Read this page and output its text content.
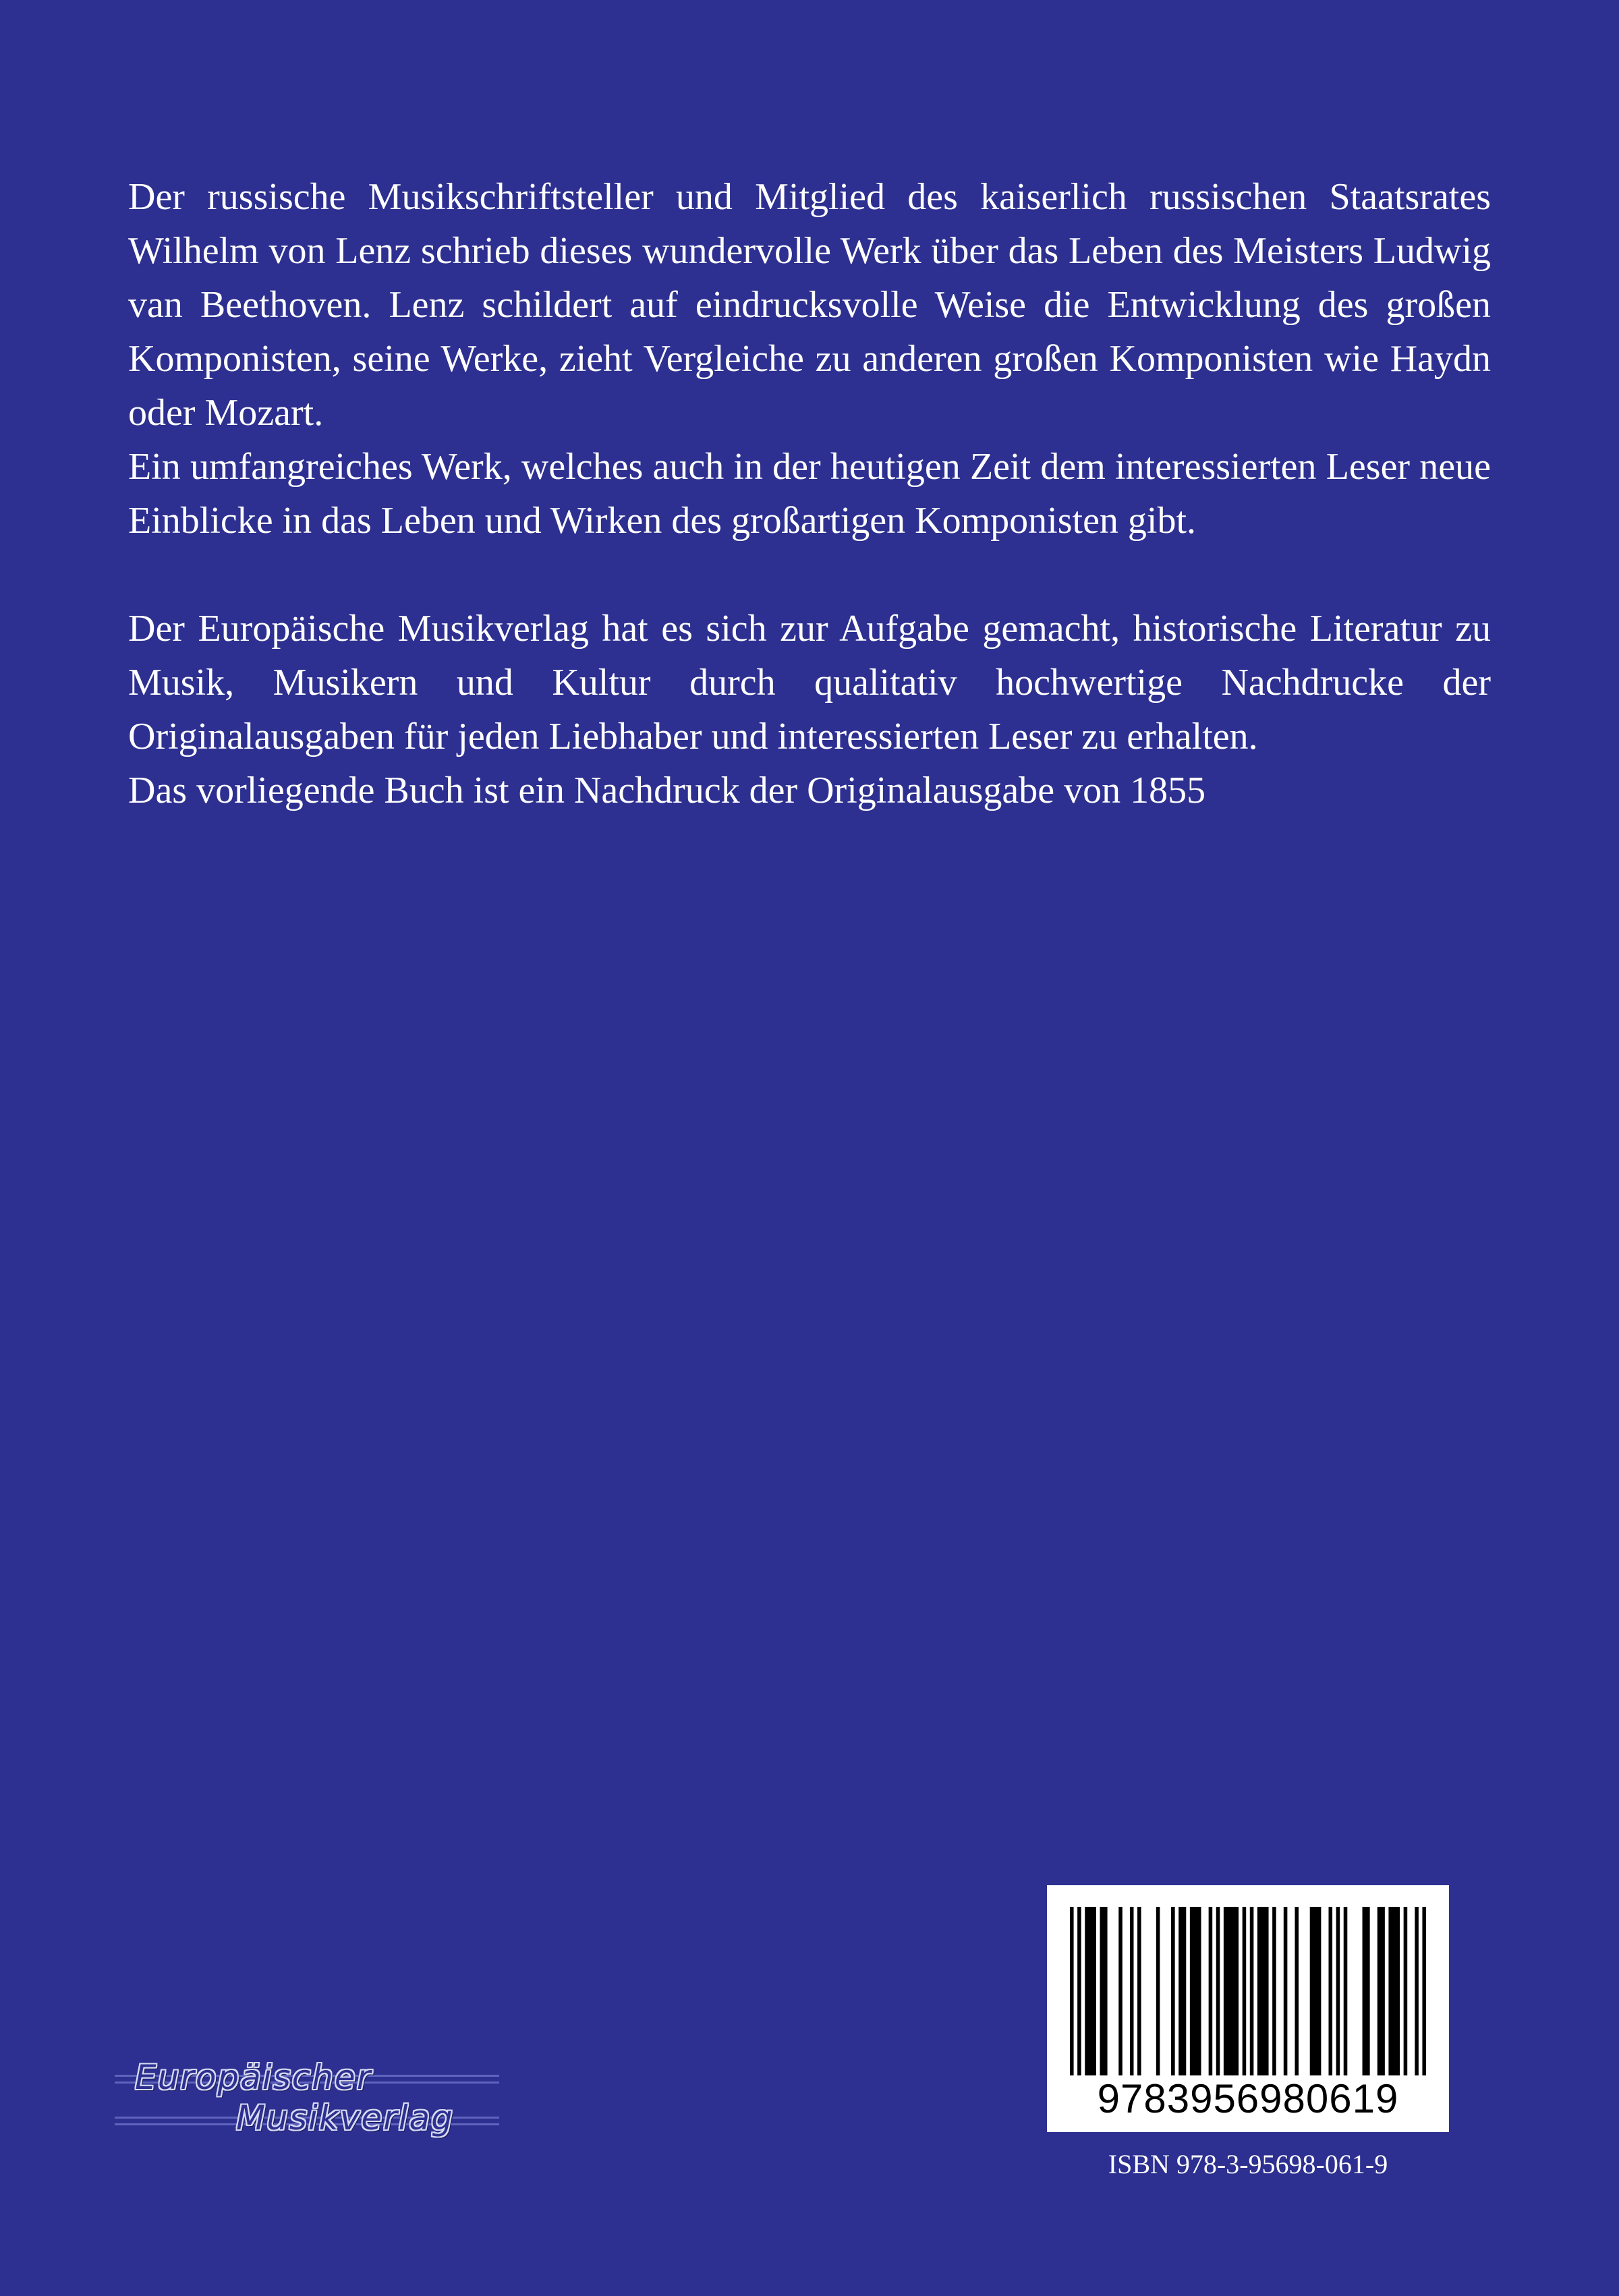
Der russische Musikschriftsteller und Mitglied des kaiserlich russischen Staatsrates Wilhelm von Lenz schrieb dieses wundervolle Werk über das Leben des Meisters Ludwig van Beethoven. Lenz schildert auf eindrucksvolle Weise die Entwicklung des großen Komponisten, seine Werke, zieht Vergleiche zu anderen großen Komponisten wie Haydn oder Mozart.

Ein umfangreiches Werk, welches auch in der heutigen Zeit dem interessierten Leser neue Einblicke in das Leben und Wirken des großartigen Komponisten gibt.

Der Europäische Musikverlag hat es sich zur Aufgabe gemacht, historische Literatur zu Musik, Musikern und Kultur durch qualitativ hochwertige Nachdrucke der Originalausgaben für jeden Liebhaber und interessierten Leser zu erhalten.

Das vorliegende Buch ist ein Nachdruck der Originalausgabe von 1855

Europäischer
Musikverlag	9783956980619
ISBN 978-3-95698-061-9
